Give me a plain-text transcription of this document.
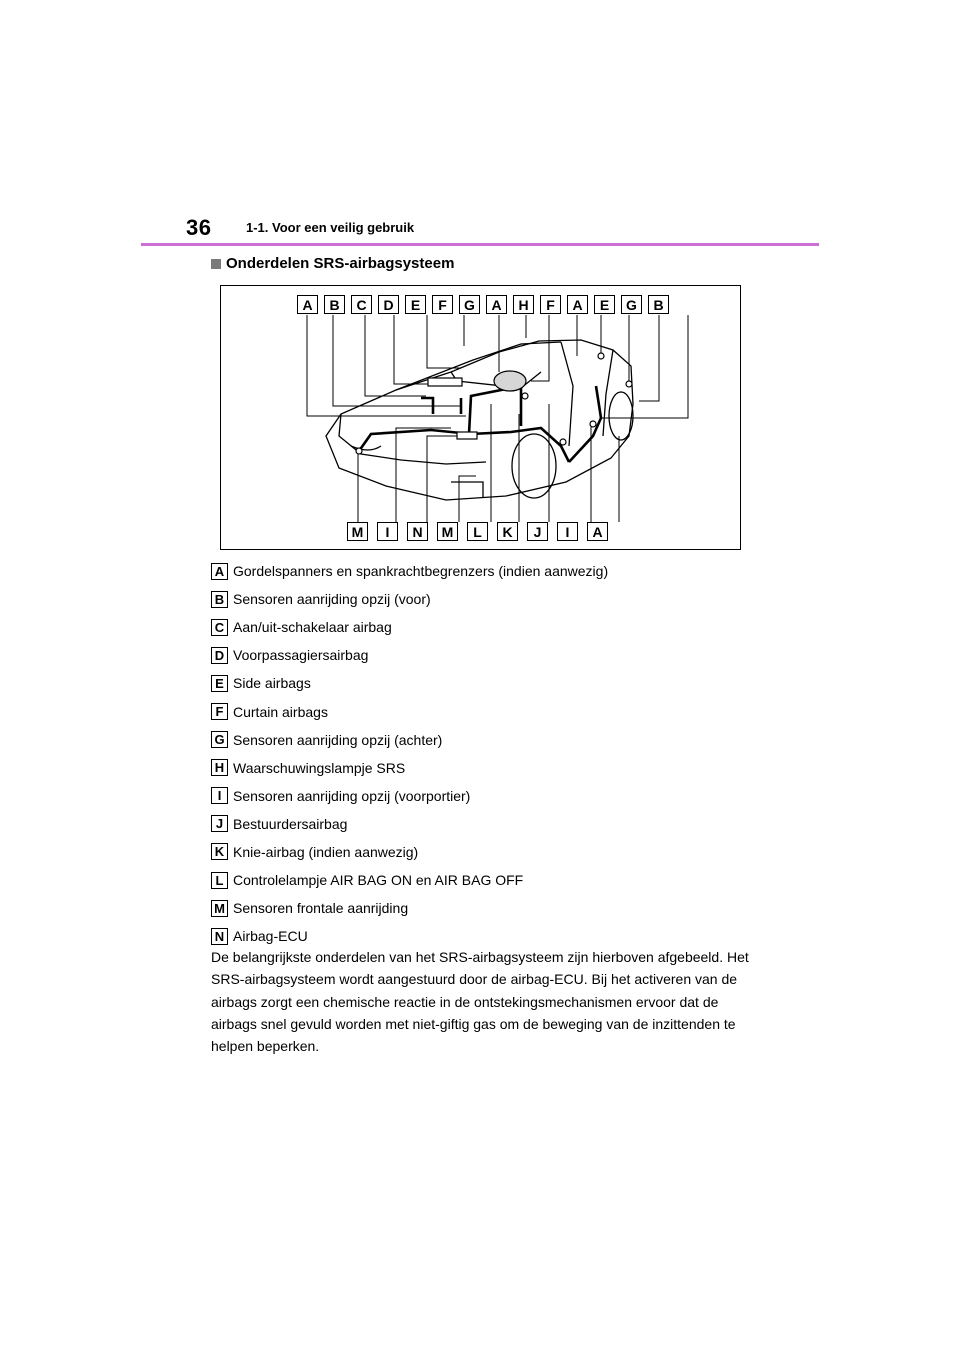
36	1-1. Voor een veilig gebruik
Onderdelen SRS-airbagsysteem
A	B	C	D	E	F	G	A	H	F	A	E	G	B
M	I	N	M	L	K	J	I	A
A Gordelspanners en spankrachtbegrenzers (indien aanwezig)
B Sensoren aanrijding opzij (voor)
C Aan/uit-schakelaar airbag
D Voorpassagiersairbag
E Side airbags
F Curtain airbags
G Sensoren aanrijding opzij (achter)
H Waarschuwingslampje SRS
I Sensoren aanrijding opzij (voorportier)
J Bestuurdersairbag
K Knie-airbag (indien aanwezig)
L Controlelampje AIR BAG ON en AIR BAG OFF
M Sensoren frontale aanrijding
N Airbag-ECU

De belangrijkste onderdelen van het SRS-airbagsysteem zijn hierboven afgebeeld. Het SRS-airbagsysteem wordt aangestuurd door de airbag-ECU. Bij het activeren van de airbags zorgt een chemische reactie in de ontstekingsmechanismen ervoor dat de airbags snel gevuld worden met niet-giftig gas om de beweging van de inzittenden te helpen beperken.
